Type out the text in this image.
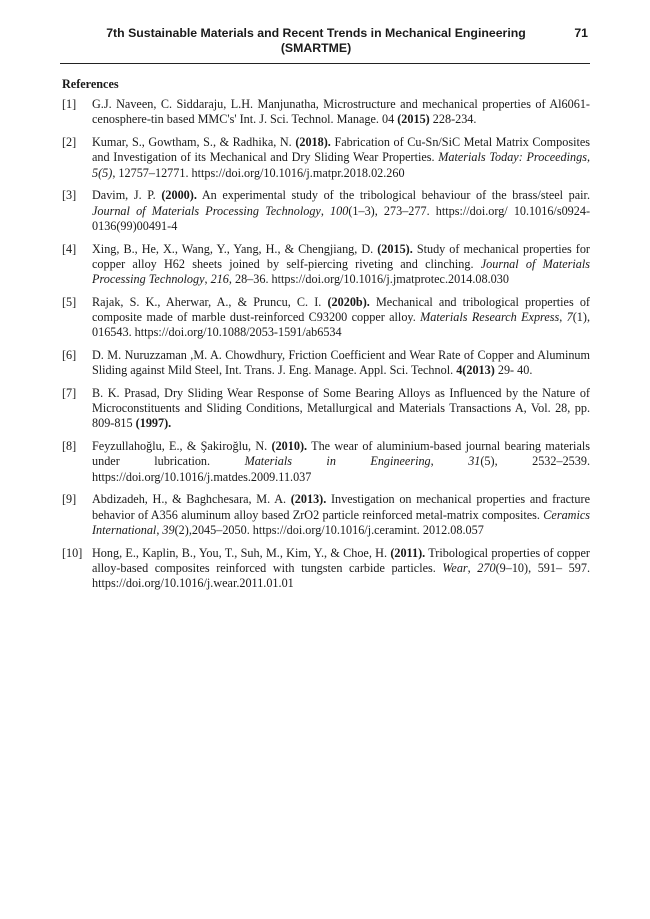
7th Sustainable Materials and Recent Trends in Mechanical Engineering
(SMARTME)
71
References
[1]	G.J. Naveen, C. Siddaraju, L.H. Manjunatha, Microstructure and mechanical properties of Al6061- cenosphere-tin based MMC's' Int. J. Sci. Technol. Manage. 04 (2015) 228-234.
[2]	Kumar, S., Gowtham, S., & Radhika, N. (2018). Fabrication of Cu-Sn/SiC Metal Matrix Composites and Investigation of its Mechanical and Dry Sliding Wear Properties. Materials Today: Proceedings, 5(5), 12757–12771. https://doi.org/10.1016/j.matpr.2018.02.260
[3]	Davim, J. P. (2000). An experimental study of the tribological behaviour of the brass/steel pair. Journal of Materials Processing Technology, 100(1–3), 273–277. https://doi.org/ 10.1016/s0924-0136(99)00491-4
[4]	Xing, B., He, X., Wang, Y., Yang, H., & Chengjiang, D. (2015). Study of mechanical properties for copper alloy H62 sheets joined by self-piercing riveting and clinching. Journal of Materials Processing Technology, 216, 28–36. https://doi.org/10.1016/j.jmatprotec.2014.08.030
[5]	Rajak, S. K., Aherwar, A., & Pruncu, C. I. (2020b). Mechanical and tribological properties of composite made of marble dust-reinforced C93200 copper alloy. Materials Research Express, 7(1), 016543. https://doi.org/10.1088/2053-1591/ab6534
[6]	D. M. Nuruzzaman ,M. A. Chowdhury, Friction Coefficient and Wear Rate of Copper and Aluminum Sliding against Mild Steel, Int. Trans. J. Eng. Manage. Appl. Sci. Technol. 4(2013) 29- 40.
[7]	B. K. Prasad, Dry Sliding Wear Response of Some Bearing Alloys as Influenced by the Nature of Microconstituents and Sliding Conditions, Metallurgical and Materials Transactions A, Vol. 28, pp. 809-815 (1997).
[8]	Feyzullahoğlu, E., & Şakiroğlu, N. (2010). The wear of aluminium-based journal bearing materials under lubrication. Materials in Engineering, 31(5), 2532–2539. https://doi.org/10.1016/j.matdes.2009.11.037
[9]	Abdizadeh, H., & Baghchesara, M. A. (2013). Investigation on mechanical properties and fracture behavior of A356 aluminum alloy based ZrO2 particle reinforced metal-matrix composites. Ceramics International, 39(2),2045–2050. https://doi.org/10.1016/j.ceramint. 2012.08.057
[10] Hong, E., Kaplin, B., You, T., Suh, M., Kim, Y., & Choe, H. (2011). Tribological properties of copper alloy-based composites reinforced with tungsten carbide particles. Wear, 270(9–10), 591– 597. https://doi.org/10.1016/j.wear.2011.01.01
